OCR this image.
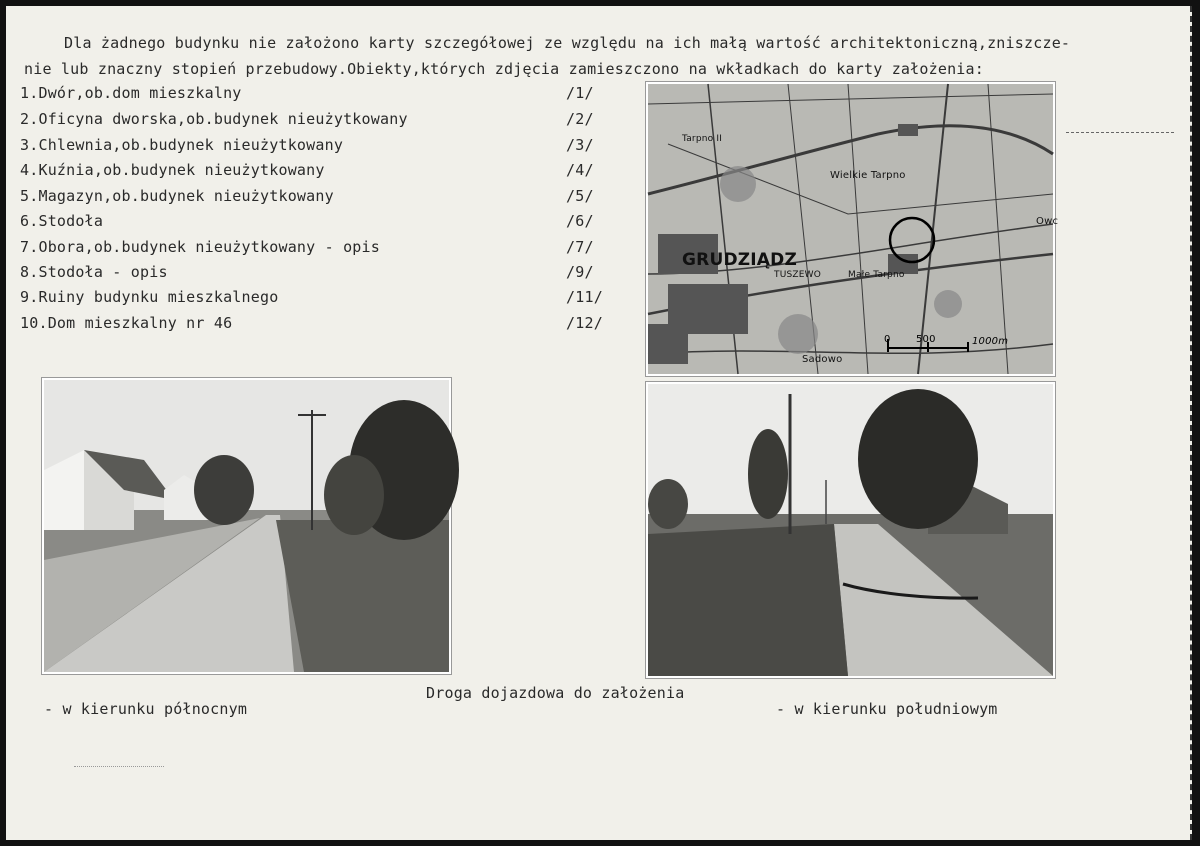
Dla żadnego budynku nie założono karty szczegółowej ze względu na ich małą wartość architektoniczną,zniszcze-
nie lub znaczny stopień przebudowy.Obiekty,których zdjęcia zamieszczono na wkładkach do karty założenia:
1.Dwór,ob.dom mieszkalny	/1/
2.Oficyna dworska,ob.budynek nieużytkowany	/2/
3.Chlewnia,ob.budynek nieużytkowany	/3/
4.Kuźnia,ob.budynek nieużytkowany	/4/
5.Magazyn,ob.budynek nieużytkowany	/5/
6.Stodoła	/6/
7.Obora,ob.budynek nieużytkowany - opis	/7/
8.Stodoła - opis	/9/
9.Ruiny budynku mieszkalnego	/11/
10.Dom mieszkalny nr 46	/12/
GRUDZIĄDZ
TUSZEWO
Tarpno II
Wielkie Tarpno
Małe Tarpno
Sadowo
Owc
0	500	1000m
Droga dojazdowa do założenia
- w kierunku północnym	- w kierunku południowym
